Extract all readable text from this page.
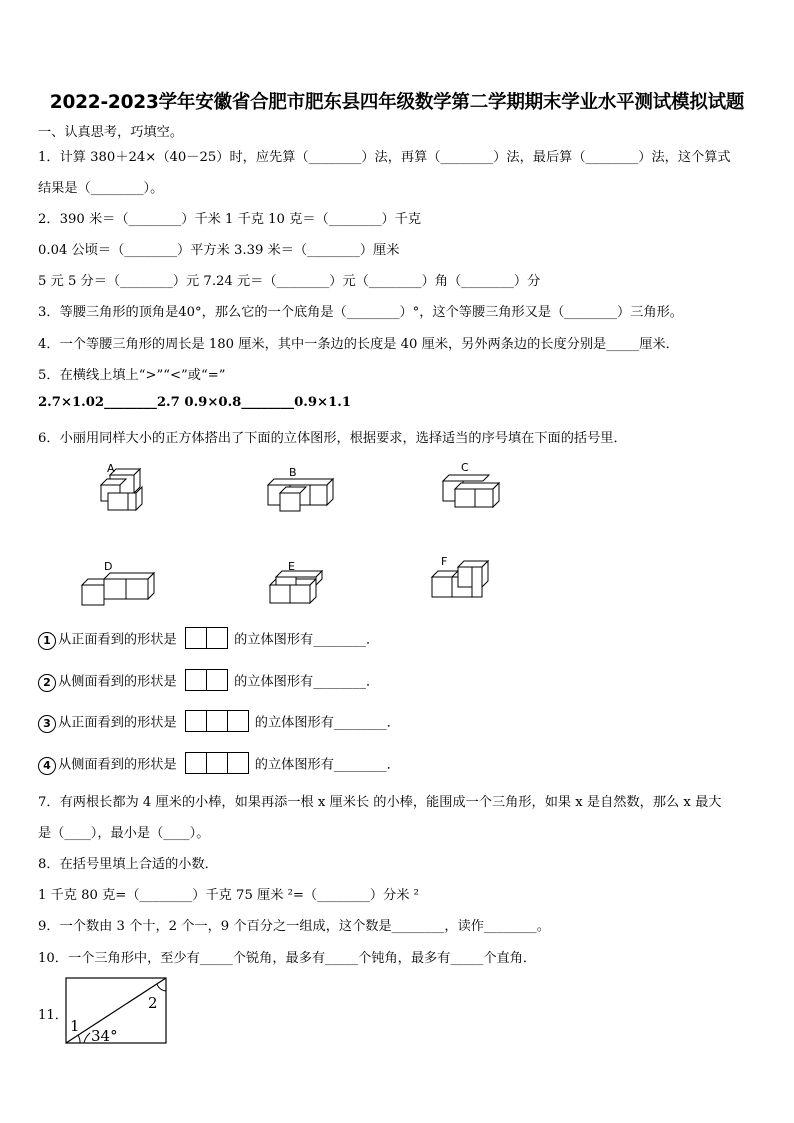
2022-2023学年安徽省合肥市肥东县四年级数学第二学期期末学业水平测试模拟试题
一、认真思考，巧填空。
1．计算 380＋24×（40－25）时，应先算（________）法，再算（________）法，最后算（________）法，这个算式
结果是（________）。
2．390 米＝（________）千米 1 千克 10 克＝（________）千克
0.04 公顷＝（________）平方米 3.39 米＝（________）厘米
5 元 5 分＝（________）元 7.24 元＝（________）元（________）角（________）分
3．等腰三角形的顶角是40°，那么它的一个底角是（________）°，这个等腰三角形又是（________）三角形。
4．一个等腰三角形的周长是 180 厘米，其中一条边的长度是 40 厘米，另外两条边的长度分别是_____厘米．
5．在横线上填上“>”“<”或“=”
2.7×1.02________2.7 0.9×0.8________0.9×1.1
6．小丽用同样大小的正方体搭出了下面的立体图形，根据要求，选择适当的序号填在下面的括号里．
A	B	C
D	E	F
1 从正面看到的形状是	的立体图形有________．
2 从侧面看到的形状是	的立体图形有________．
3 从正面看到的形状是	的立体图形有________．
4 从侧面看到的形状是	的立体图形有________．
7．有两根长都为 4 厘米的小棒，如果再添一根 x 厘米长 的小棒，能围成一个三角形，如果 x 是自然数，那么 x 最大
是（____），最小是（____）。
8．在括号里填上合适的小数．
1 千克 80 克=（________）千克 75 厘米 ²=（________）分米 ²
9．一个数由 3 个十，2 个一，9 个百分之一组成，这个数是________，读作________。
10．一个三角形中，至少有_____个锐角，最多有_____个钝角，最多有_____个直角．
11．
1
2
34°
